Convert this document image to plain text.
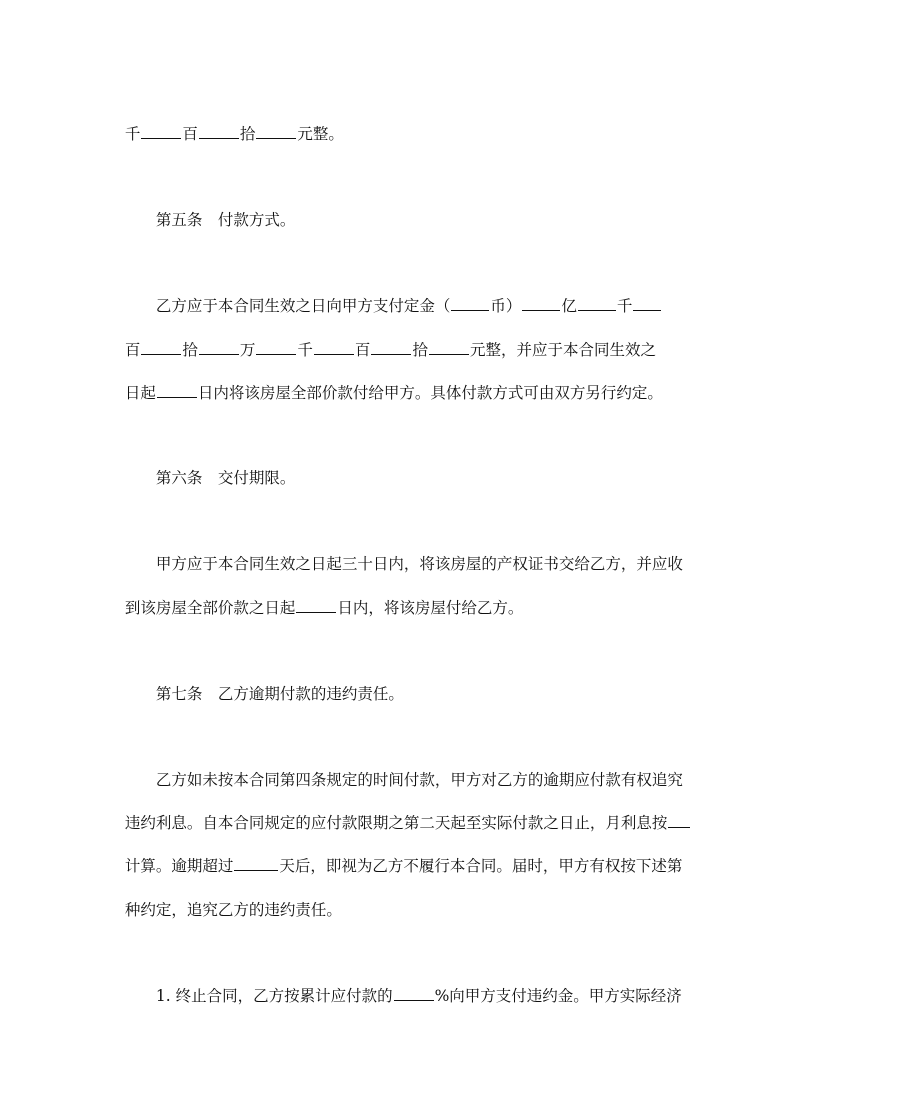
千	百	拾	元整。

第五条　付款方式。

乙方应于本合同生效之日向甲方支付定金（	币）	亿	千

百	拾	万	千	百	拾	元整，并应于本合同生效之

日起	日内将该房屋全部价款付给甲方。具体付款方式可由双方另行约定。

第六条　交付期限。

甲方应于本合同生效之日起三十日内，将该房屋的产权证书交给乙方，并应收

到该房屋全部价款之日起	日内，将该房屋付给乙方。

第七条　乙方逾期付款的违约责任。

乙方如未按本合同第四条规定的时间付款，甲方对乙方的逾期应付款有权追究

违约利息。自本合同规定的应付款限期之第二天起至实际付款之日止，月利息按

计算。逾期超过	天后，即视为乙方不履行本合同。届时，甲方有权按下述第

种约定，追究乙方的违约责任。

1. 终止合同，乙方按累计应付款的	%向甲方支付违约金。甲方实际经济
